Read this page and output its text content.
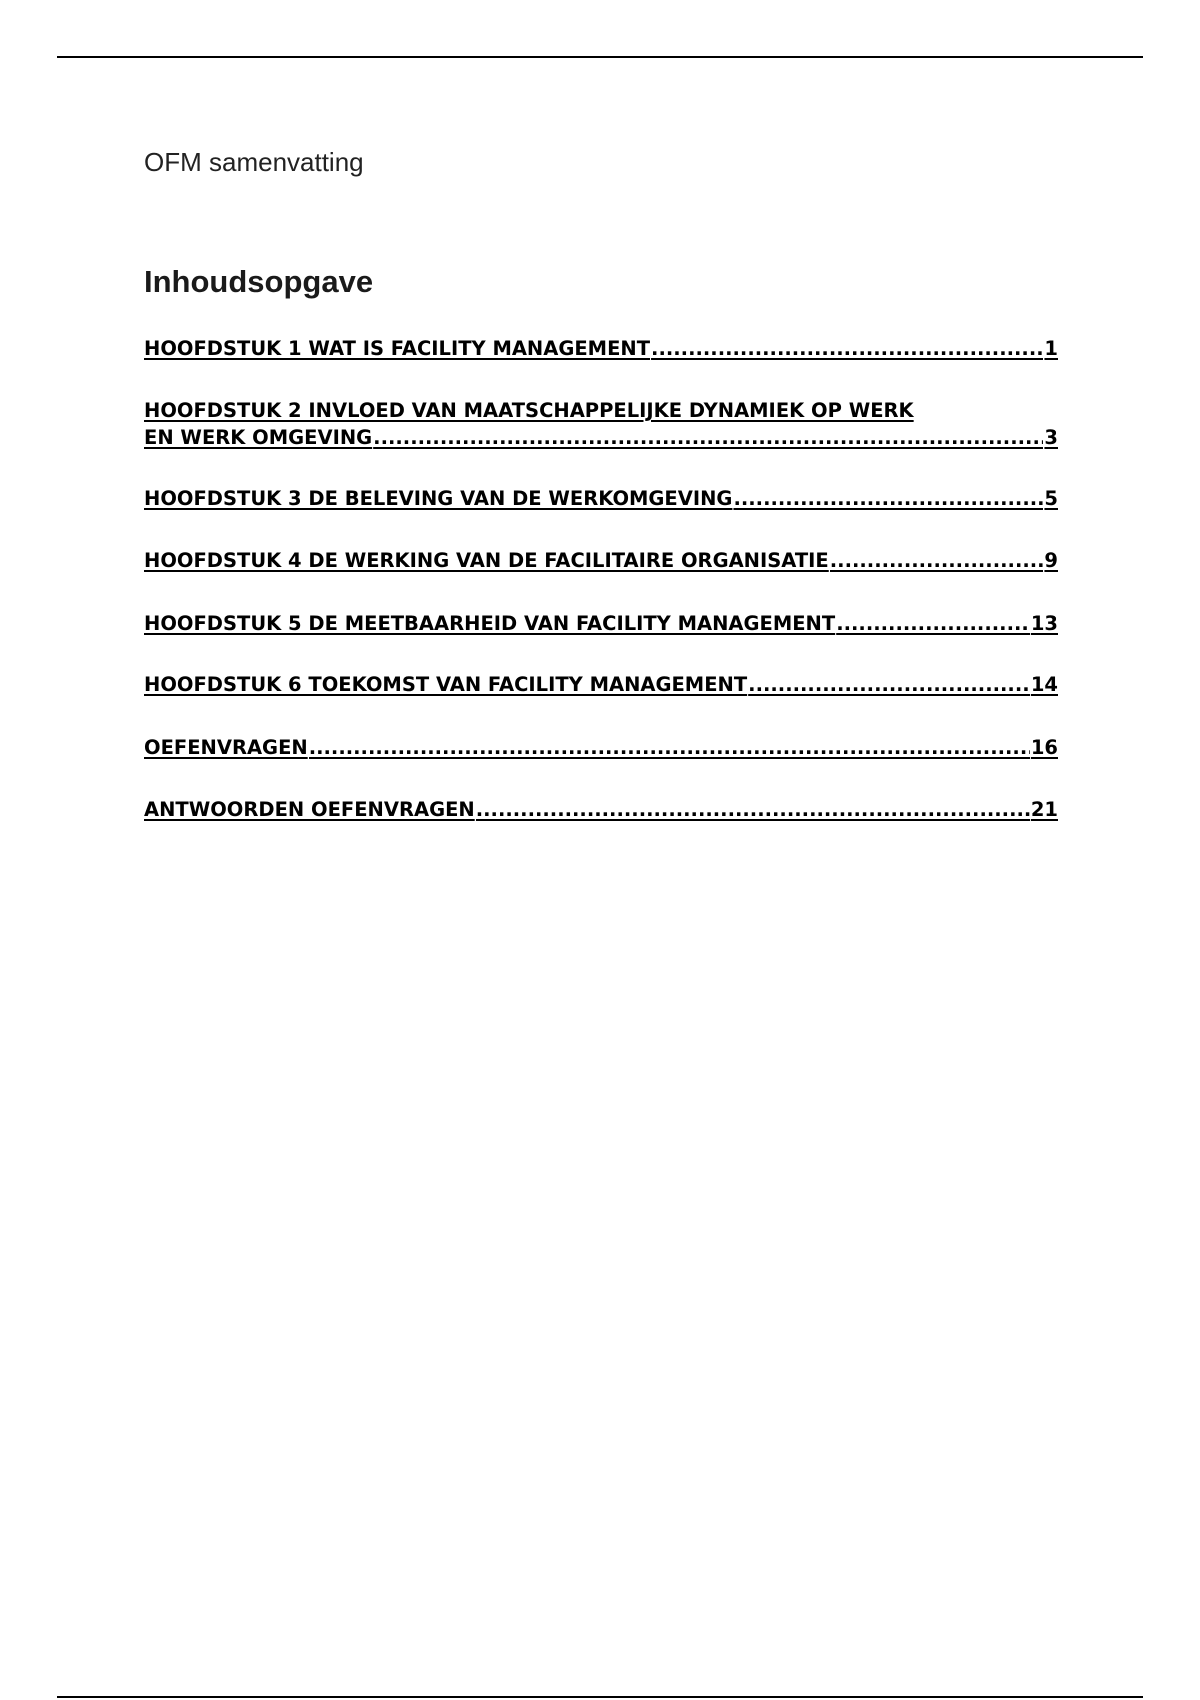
OFM samenvatting
Inhoudsopgave
HOOFDSTUK 1 WAT IS FACILITY MANAGEMENT .....	1
HOOFDSTUK 2 INVLOED VAN MAATSCHAPPELIJKE DYNAMIEK OP WERK
EN WERK OMGEVING .....	3
HOOFDSTUK 3 DE BELEVING VAN DE WERKOMGEVING .....	5
HOOFDSTUK 4 DE WERKING VAN DE FACILITAIRE ORGANISATIE .....	9
HOOFDSTUK 5 DE MEETBAARHEID VAN FACILITY MANAGEMENT .....	13
HOOFDSTUK 6 TOEKOMST VAN FACILITY MANAGEMENT .....	14
OEFENVRAGEN .....	16
ANTWOORDEN OEFENVRAGEN .....	21
